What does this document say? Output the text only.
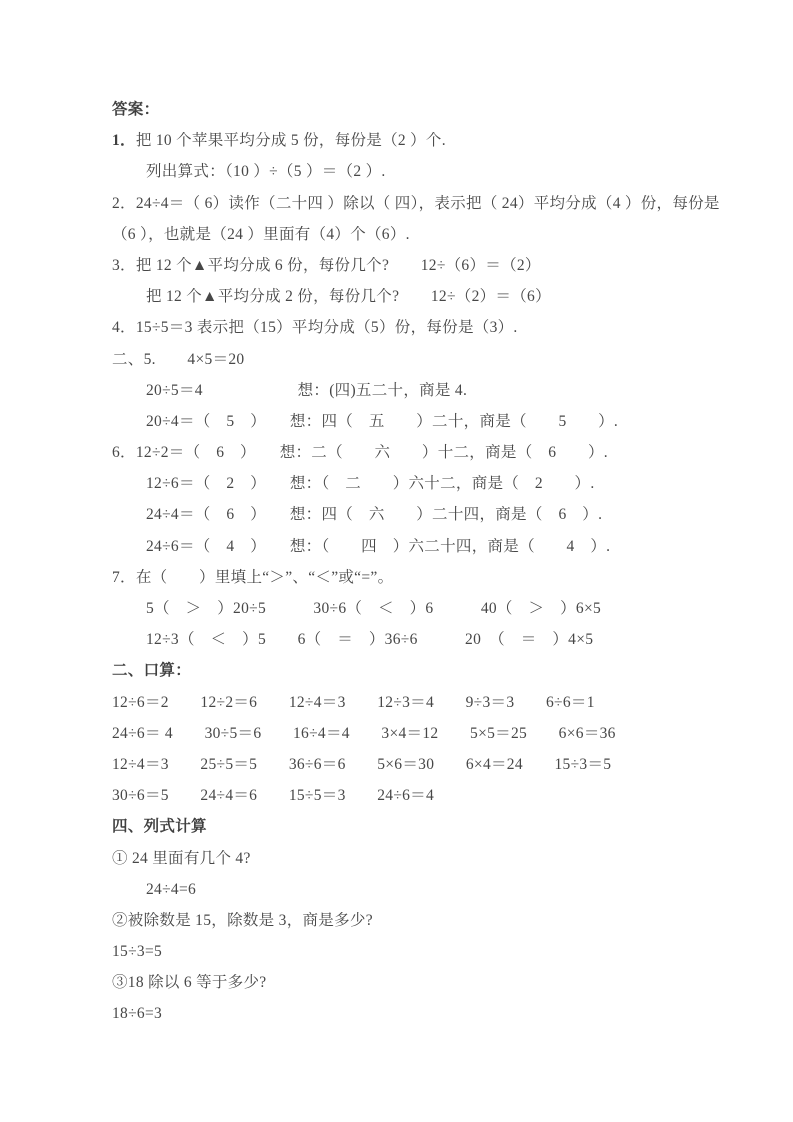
答案：
1．把 10 个苹果平均分成 5 份，每份是（2 ）个.
列出算式：（10 ）÷（5 ）＝（2 ）.
2．24÷4＝（ 6）读作（二十四 ）除以（ 四），表示把（ 24）平均分成（4 ）份，每份是
（6 ），也就是（24 ）里面有（4）个（6）.
3．把 12 个▲平均分成 6 份，每份几个?　　12÷（6）＝（2）
把 12 个▲平均分成 2 份，每份几个?　　12÷（2）＝（6）
4．15÷5＝3 表示把（15）平均分成（5）份，每份是（3）.
二、5.　　4×5＝20
20÷5＝4　　　　　　想：(四)五二十，商是 4.
20÷4＝（　5　）　　想：四（　五　　）二十，商是（　　5　　）.
6．12÷2＝（　6　）　　想：二（　　六　　）十二，商是（　6　　）.
12÷6＝（　2　）　　想：（　二　　）六十二，商是（　2　　）.
24÷4＝（　6　）　　想：四（　六　　）二十四，商是（　6　）.
24÷6＝（　4　）　　想：（　　四　）六二十四，商是（　　4　）.
7．在（　　）里填上“＞”、“＜”或“=”。
5（　＞　）20÷5　　　30÷6（　＜　）6　　　40（　＞　）6×5
12÷3（　＜　）5　　6（　＝　）36÷6　　　20　（　＝　）4×5
二、口算：
12÷6＝2　　12÷2＝6　　12÷4＝3　　12÷3＝4　　9÷3＝3　　6÷6＝1
24÷6＝ 4　　30÷5＝6　　16÷4＝4　　3×4＝12　　5×5＝25　　6×6＝36
12÷4＝3　　25÷5＝5　　36÷6＝6　　5×6＝30　　6×4＝24　　15÷3＝5
30÷6＝5　　24÷4＝6　　15÷5＝3　　24÷6＝4
四、列式计算
① 24 里面有几个 4?
24÷4=6
②被除数是 15，除数是 3，商是多少?
15÷3=5
③18 除以 6 等于多少?
18÷6=3
